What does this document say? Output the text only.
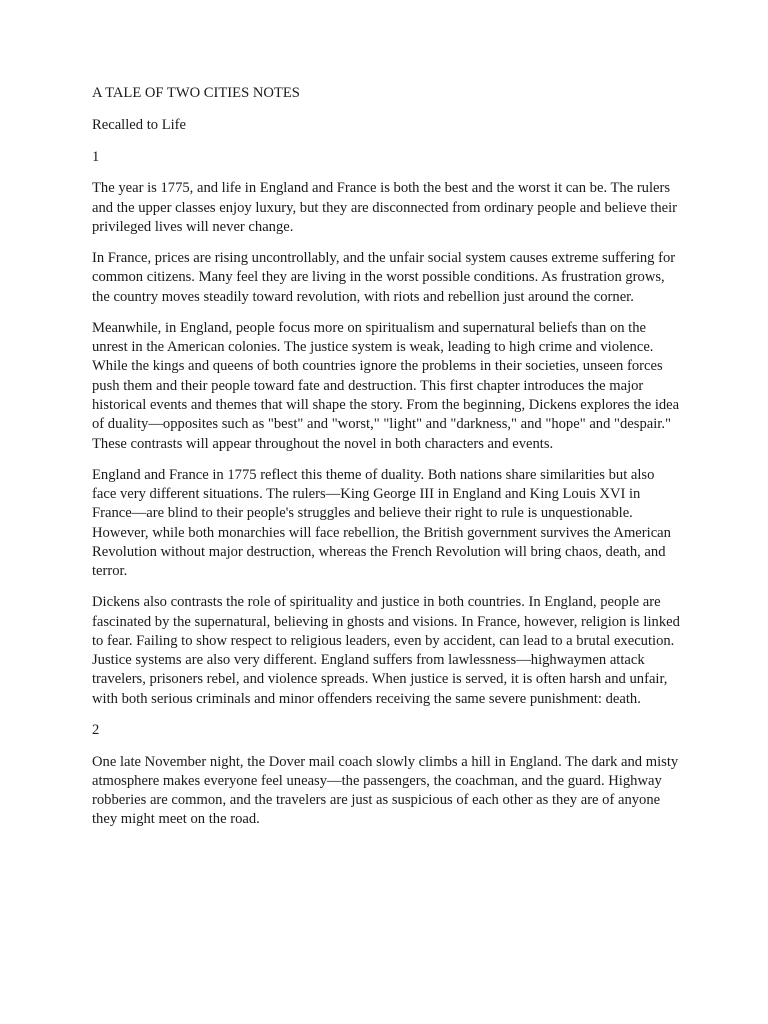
A TALE OF TWO CITIES NOTES

Recalled to Life

1

The year is 1775, and life in England and France is both the best and the worst it can be. The rulers and the upper classes enjoy luxury, but they are disconnected from ordinary people and believe their privileged lives will never change.

In France, prices are rising uncontrollably, and the unfair social system causes extreme suffering for common citizens. Many feel they are living in the worst possible conditions. As frustration grows, the country moves steadily toward revolution, with riots and rebellion just around the corner.

Meanwhile, in England, people focus more on spiritualism and supernatural beliefs than on the unrest in the American colonies. The justice system is weak, leading to high crime and violence. While the kings and queens of both countries ignore the problems in their societies, unseen forces push them and their people toward fate and destruction. This first chapter introduces the major historical events and themes that will shape the story. From the beginning, Dickens explores the idea of duality—opposites such as "best" and "worst," "light" and "darkness," and "hope" and "despair." These contrasts will appear throughout the novel in both characters and events.

England and France in 1775 reflect this theme of duality. Both nations share similarities but also face very different situations. The rulers—King George III in England and King Louis XVI in France—are blind to their people's struggles and believe their right to rule is unquestionable. However, while both monarchies will face rebellion, the British government survives the American Revolution without major destruction, whereas the French Revolution will bring chaos, death, and terror.

Dickens also contrasts the role of spirituality and justice in both countries. In England, people are fascinated by the supernatural, believing in ghosts and visions. In France, however, religion is linked to fear. Failing to show respect to religious leaders, even by accident, can lead to a brutal execution. Justice systems are also very different. England suffers from lawlessness—highwaymen attack travelers, prisoners rebel, and violence spreads. When justice is served, it is often harsh and unfair, with both serious criminals and minor offenders receiving the same severe punishment: death.

2

One late November night, the Dover mail coach slowly climbs a hill in England. The dark and misty atmosphere makes everyone feel uneasy—the passengers, the coachman, and the guard. Highway robberies are common, and the travelers are just as suspicious of each other as they are of anyone they might meet on the road.
